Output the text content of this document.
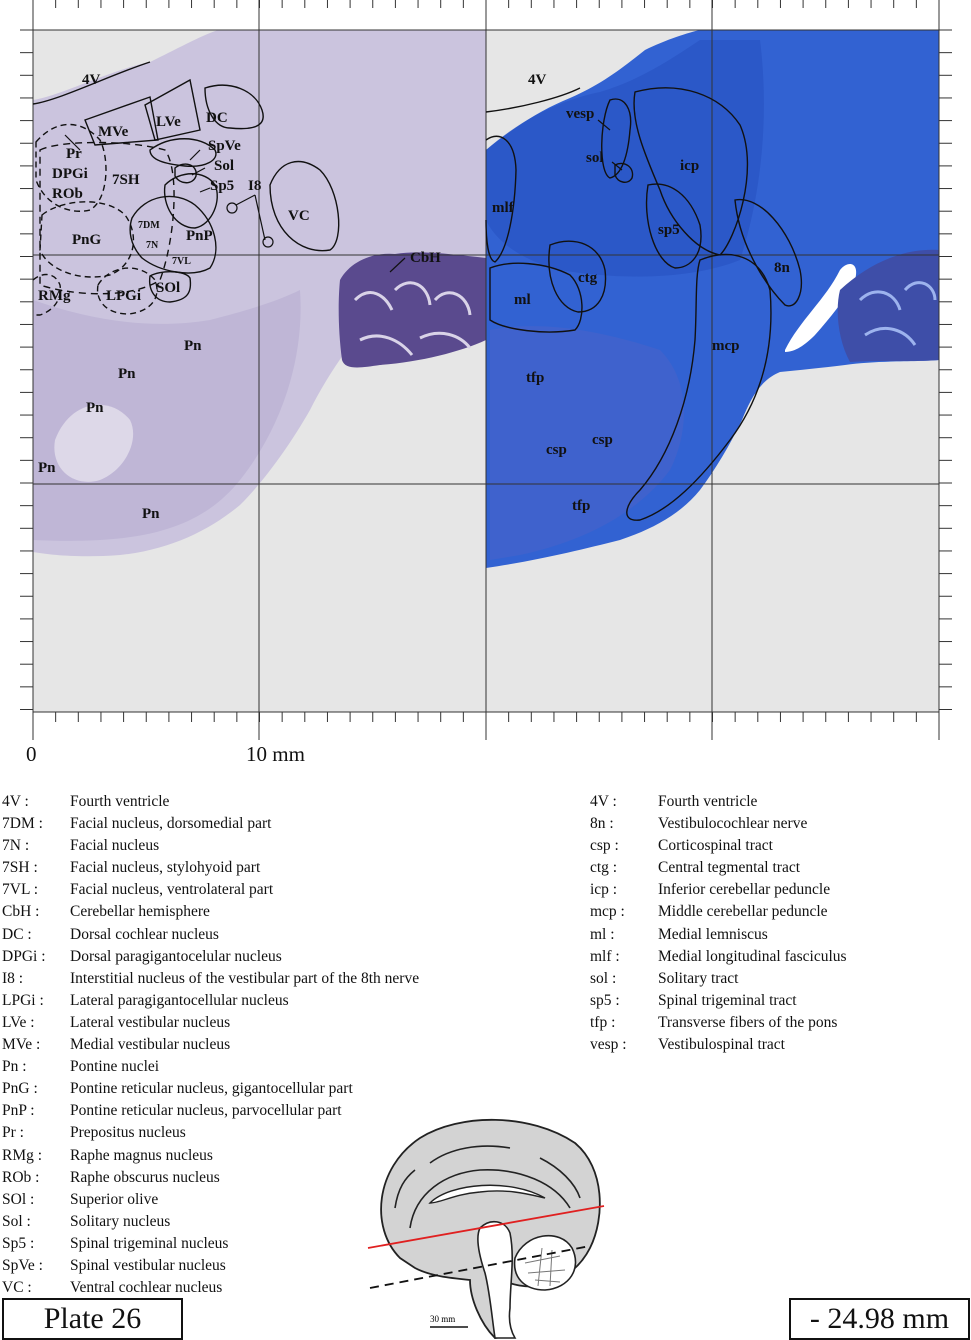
4V
MVe
LVe DC
Pr
DPGi
ROb
7SH
SpVe
Sol
Sp5 I8
7DM
7N
7VL
PnG	PnP
VC
CbH
RMg LPGi SOl
Pn
Pn
Pn
Pn
Pn
4V
vesp
sol	icp
mlf
sp5
8n
ctg
ml
mcp
tfp
csp
csp
tfp
0	10 mm
4V :	Fourth ventricle
7DM :	Facial nucleus, dorsomedial part
7N :	Facial nucleus
7SH :	Facial nucleus, stylohyoid part
7VL :	Facial nucleus, ventrolateral part
CbH :	Cerebellar hemisphere
DC :	Dorsal cochlear nucleus
DPGi :	Dorsal paragigantocelular nucleus
I8 :	Interstitial nucleus of the vestibular part of the 8th nerve
LPGi :	Lateral paragigantocellular nucleus
LVe :	Lateral vestibular nucleus
MVe :	Medial vestibular nucleus
Pn :	Pontine nuclei
PnG :	Pontine reticular nucleus, gigantocellular part
PnP :	Pontine reticular nucleus, parvocellular part
Pr :	Prepositus nucleus
RMg :	Raphe magnus nucleus
ROb :	Raphe obscurus nucleus
SOl :	Superior olive
Sol :	Solitary nucleus
Sp5 :	Spinal trigeminal nucleus
SpVe :	Spinal vestibular nucleus
VC :	Ventral cochlear nucleus
4V :	Fourth ventricle
8n :	Vestibulocochlear nerve
csp :	Corticospinal tract
ctg :	Central tegmental tract
icp :	Inferior cerebellar peduncle
mcp :	Middle cerebellar peduncle
ml :	Medial lemniscus
mlf :	Medial longitudinal fasciculus
sol :	Solitary tract
sp5 :	Spinal trigeminal tract
tfp :	Transverse fibers of the pons
vesp :	Vestibulospinal tract
30 mm
Plate 26	- 24.98 mm
